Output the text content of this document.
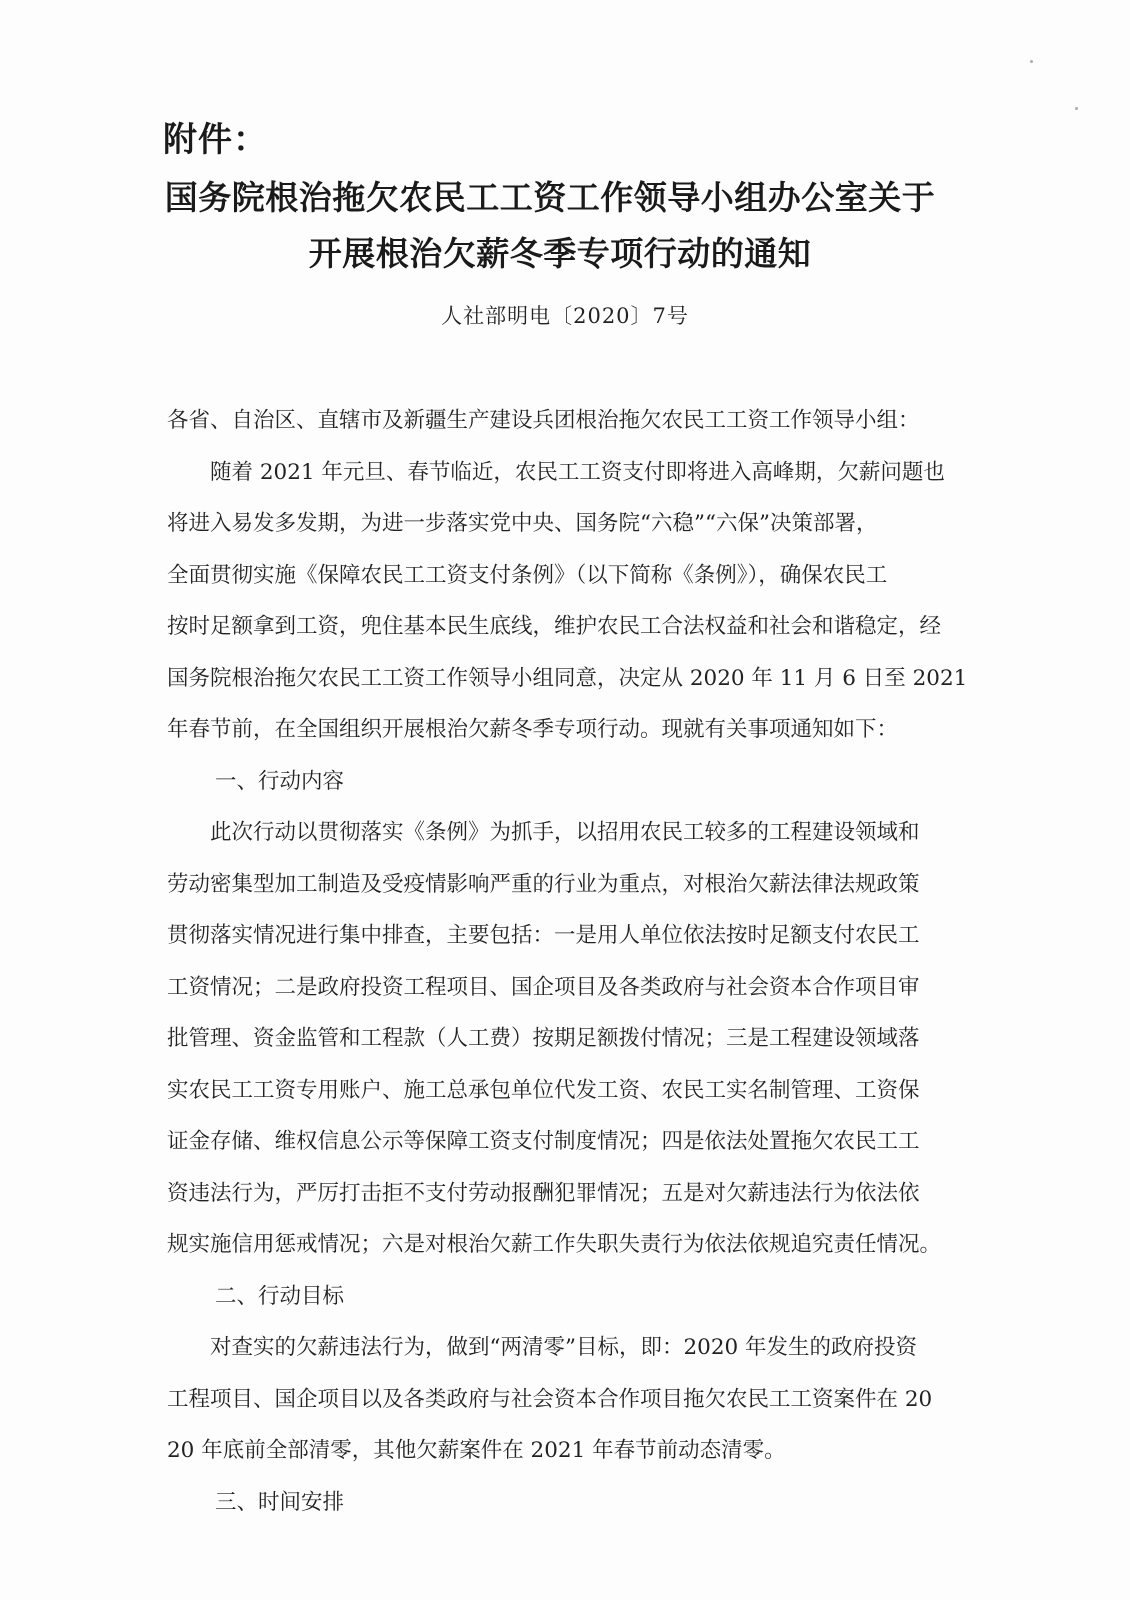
附件：
国务院根治拖欠农民工工资工作领导小组办公室关于
开展根治欠薪冬季专项行动的通知
人社部明电〔2020〕7号
各省、自治区、直辖市及新疆生产建设兵团根治拖欠农民工工资工作领导小组：
随着 2021 年元旦、春节临近，农民工工资支付即将进入高峰期，欠薪问题也
将进入易发多发期，为进一步落实党中央、国务院“六稳”“六保”决策部署，
全面贯彻实施《保障农民工工资支付条例》（以下简称《条例》），确保农民工
按时足额拿到工资，兜住基本民生底线，维护农民工合法权益和社会和谐稳定，经
国务院根治拖欠农民工工资工作领导小组同意，决定从 2020 年 11 月 6 日至 2021
年春节前，在全国组织开展根治欠薪冬季专项行动。现就有关事项通知如下：
一、行动内容
此次行动以贯彻落实《条例》为抓手，以招用农民工较多的工程建设领域和
劳动密集型加工制造及受疫情影响严重的行业为重点，对根治欠薪法律法规政策
贯彻落实情况进行集中排查，主要包括：一是用人单位依法按时足额支付农民工
工资情况；二是政府投资工程项目、国企项目及各类政府与社会资本合作项目审
批管理、资金监管和工程款（人工费）按期足额拨付情况；三是工程建设领域落
实农民工工资专用账户、施工总承包单位代发工资、农民工实名制管理、工资保
证金存储、维权信息公示等保障工资支付制度情况；四是依法处置拖欠农民工工
资违法行为，严厉打击拒不支付劳动报酬犯罪情况；五是对欠薪违法行为依法依
规实施信用惩戒情况；六是对根治欠薪工作失职失责行为依法依规追究责任情况。
二、行动目标
对查实的欠薪违法行为，做到“两清零”目标，即：2020 年发生的政府投资
工程项目、国企项目以及各类政府与社会资本合作项目拖欠农民工工资案件在 20
20 年底前全部清零，其他欠薪案件在 2021 年春节前动态清零。
三、时间安排
